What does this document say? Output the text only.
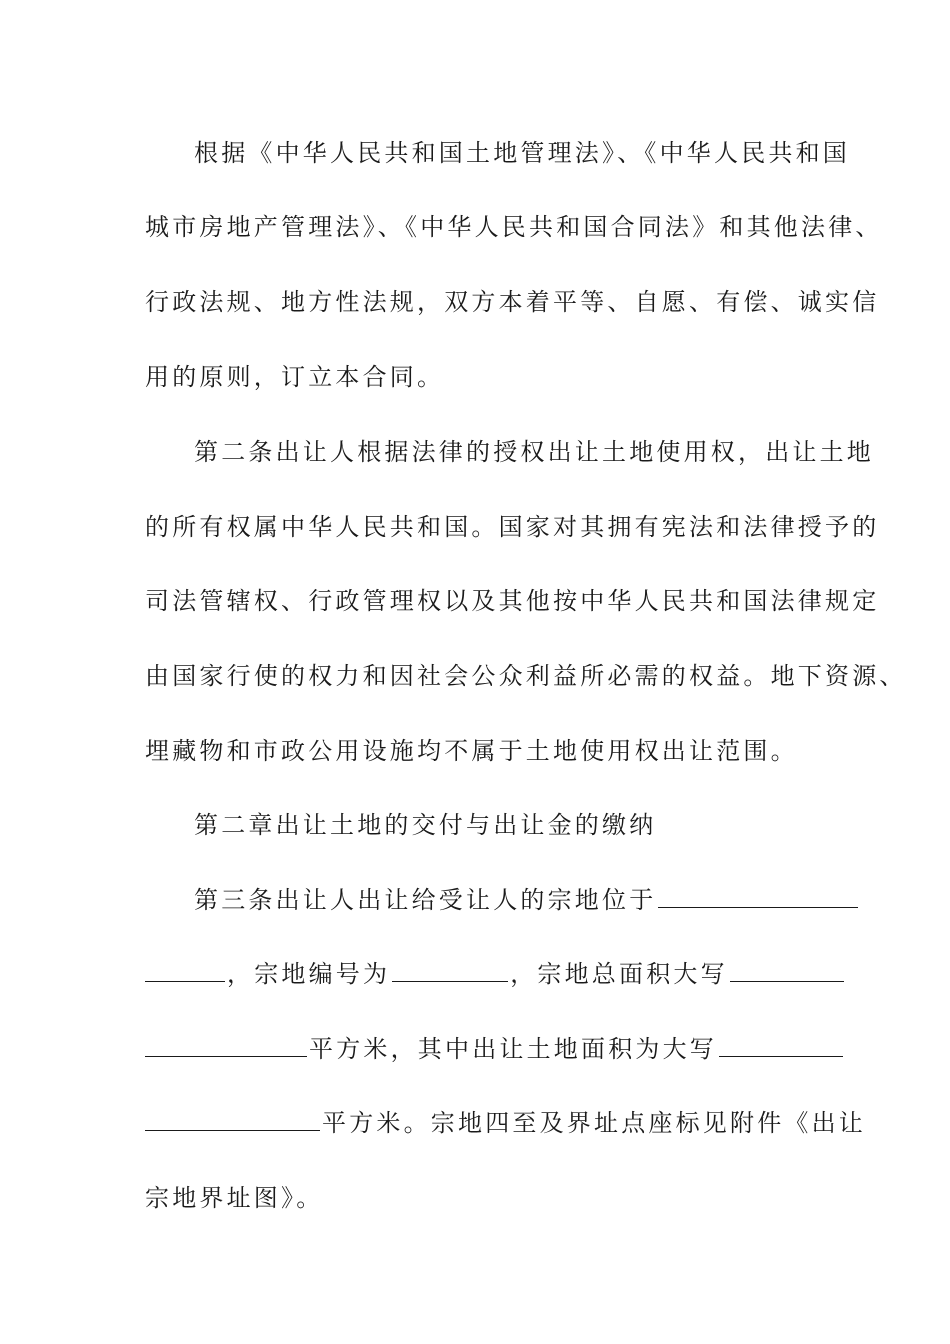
根据《中华人民共和国土地管理法》、《中华人民共和国
城市房地产管理法》、《中华人民共和国合同法》和其他法律、
行政法规、地方性法规，双方本着平等、自愿、有偿、诚实信
用的原则，订立本合同。
第二条出让人根据法律的授权出让土地使用权，出让土地
的所有权属中华人民共和国。国家对其拥有宪法和法律授予的
司法管辖权、行政管理权以及其他按中华人民共和国法律规定
由国家行使的权力和因社会公众利益所必需的权益。地下资源、
埋藏物和市政公用设施均不属于土地使用权出让范围。
第二章出让土地的交付与出让金的缴纳
第三条出让人出让给受让人的宗地位于
，宗地编号为	，宗地总面积大写
平方米，其中出让土地面积为大写
平方米。宗地四至及界址点座标见附件《出让
宗地界址图》。
